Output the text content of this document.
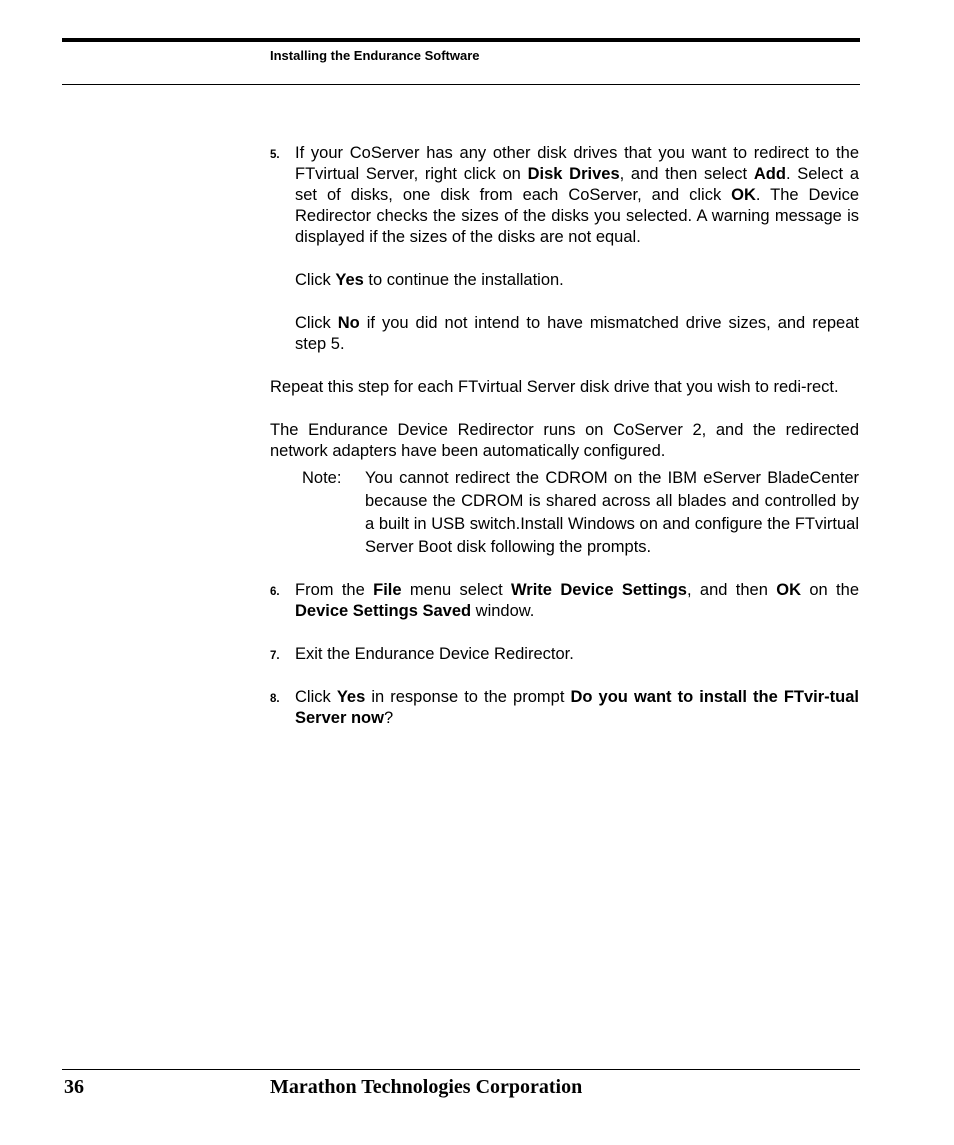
Installing the Endurance Software
5. If your CoServer has any other disk drives that you want to redirect to the FTvirtual Server, right click on Disk Drives, and then select Add. Select a set of disks, one disk from each CoServer, and click OK. The Device Redirector checks the sizes of the disks you selected. A warning message is displayed if the sizes of the disks are not equal.

Click Yes to continue the installation.

Click No if you did not intend to have mismatched drive sizes, and repeat step 5.

Repeat this step for each FTvirtual Server disk drive that you wish to redi-rect.

The Endurance Device Redirector runs on CoServer 2, and the redirected network adapters have been automatically configured.

Note: You cannot redirect the CDROM on the IBM eServer BladeCenter because the CDROM is shared across all blades and controlled by a built in USB switch.Install Windows on and configure the FTvirtual Server Boot disk following the prompts.
6. From the File menu select Write Device Settings, and then OK on the Device Settings Saved window.

7. Exit the Endurance Device Redirector.

8. Click Yes in response to the prompt Do you want to install the FTvir-tual Server now?

36	Marathon Technologies Corporation
